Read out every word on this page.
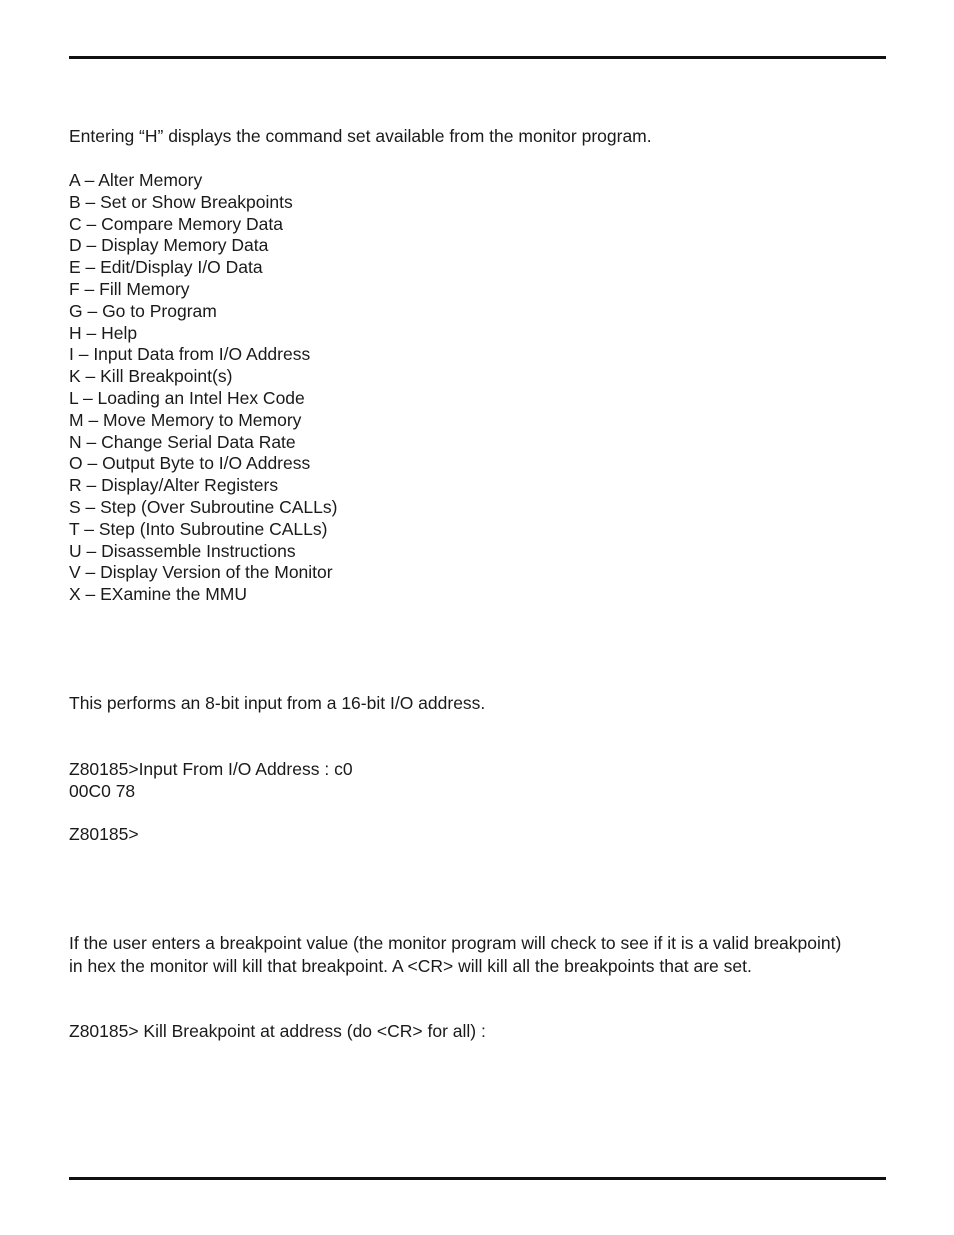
Entering “H” displays the command set available from the monitor program.
A – Alter Memory
B – Set or Show Breakpoints
C – Compare Memory Data
D – Display Memory Data
E – Edit/Display I/O Data
F – Fill Memory
G – Go to Program
H – Help
I – Input Data from I/O Address
K – Kill Breakpoint(s)
L – Loading an Intel Hex Code
M – Move Memory to Memory
N – Change Serial Data Rate
O – Output Byte to I/O Address
R – Display/Alter Registers
S – Step (Over Subroutine CALLs)
T – Step (Into Subroutine CALLs)
U – Disassemble Instructions
V – Display Version of the Monitor
X – EXamine the MMU
This performs an 8-bit input from a 16-bit I/O address.
Z80185>Input From I/O Address : c0
00C0 78
Z80185>
If the user enters a breakpoint value (the monitor program will check to see if it is a valid breakpoint)
in hex the monitor will kill that breakpoint. A <CR> will kill all the breakpoints that are set.
Z80185> Kill Breakpoint at address (do <CR> for all) :
